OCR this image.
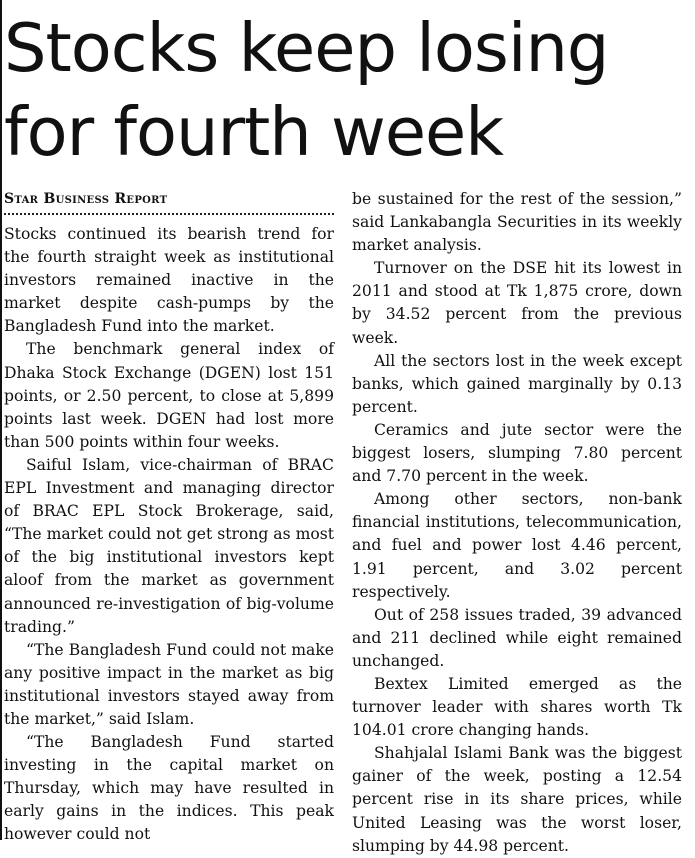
Stocks keep losing for fourth week
Star Business Report

Stocks continued its bearish trend for the fourth straight week as institutional investors remained inactive in the market despite cash-pumps by the Bangladesh Fund into the market.

The benchmark general index of Dhaka Stock Exchange (DGEN) lost 151 points, or 2.50 percent, to close at 5,899 points last week. DGEN had lost more than 500 points within four weeks.

Saiful Islam, vice-chairman of BRAC EPL Investment and managing director of BRAC EPL Stock Brokerage, said, “The market could not get strong as most of the big institutional investors kept aloof from the market as government announced re-investigation of big-volume trading.”

“The Bangladesh Fund could not make any positive impact in the market as big institutional investors stayed away from the market,” said Islam.

“The Bangladesh Fund started investing in the capital market on Thursday, which may have resulted in early gains in the indices. This peak however could not

be sustained for the rest of the session,” said Lankabangla Securities in its weekly market analysis.

Turnover on the DSE hit its lowest in 2011 and stood at Tk 1,875 crore, down by 34.52 percent from the previous week.

All the sectors lost in the week except banks, which gained marginally by 0.13 percent.

Ceramics and jute sector were the biggest losers, slumping 7.80 percent and 7.70 percent in the week.

Among other sectors, non-bank financial institutions, telecommunication, and fuel and power lost 4.46 percent, 1.91 percent, and 3.02 percent respectively.

Out of 258 issues traded, 39 advanced and 211 declined while eight remained unchanged.

Bextex Limited emerged as the turnover leader with shares worth Tk 104.01 crore changing hands.

Shahjalal Islami Bank was the biggest gainer of the week, posting a 12.54 percent rise in its share prices, while United Leasing was the worst loser, slumping by 44.98 percent.
